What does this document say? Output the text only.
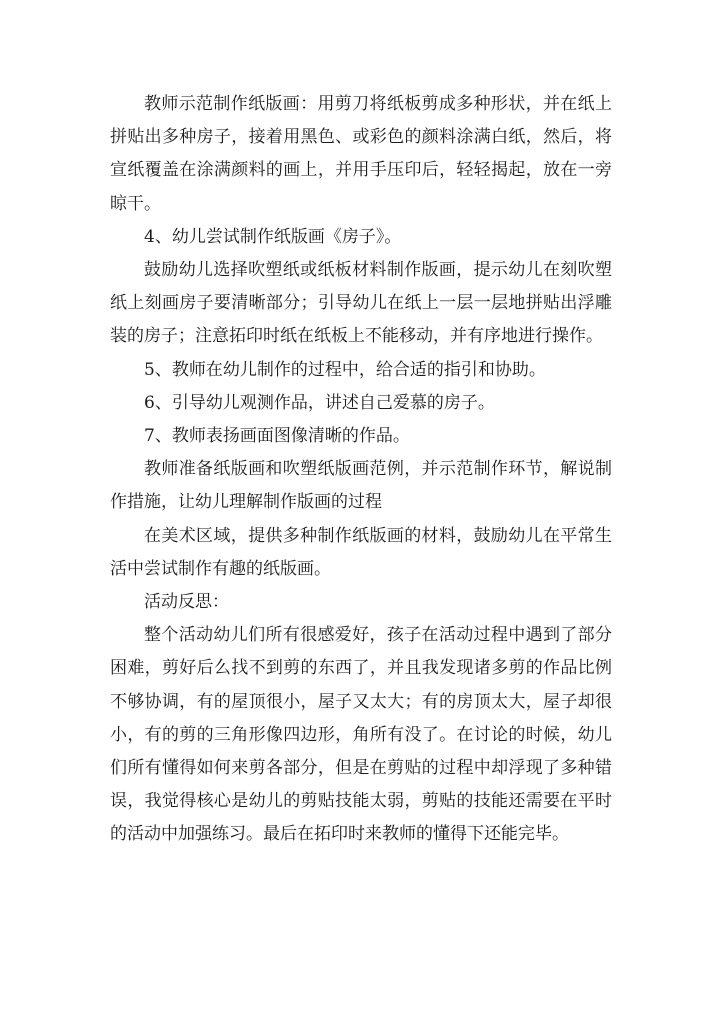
教师示范制作纸版画：用剪刀将纸板剪成多种形状，并在纸上拼贴出多种房子，接着用黑色、或彩色的颜料涂满白纸，然后，将宣纸覆盖在涂满颜料的画上，并用手压印后，轻轻揭起，放在一旁晾干。

4、幼儿尝试制作纸版画《房子》。

鼓励幼儿选择吹塑纸或纸板材料制作版画，提示幼儿在刻吹塑纸上刻画房子要清晰部分；引导幼儿在纸上一层一层地拼贴出浮雕装的房子；注意拓印时纸在纸板上不能移动，并有序地进行操作。

5、教师在幼儿制作的过程中，给合适的指引和协助。

6、引导幼儿观测作品，讲述自己爱慕的房子。

7、教师表扬画面图像清晰的作品。

教师准备纸版画和吹塑纸版画范例，并示范制作环节，解说制作措施，让幼儿理解制作版画的过程

在美术区域，提供多种制作纸版画的材料，鼓励幼儿在平常生活中尝试制作有趣的纸版画。

活动反思：

整个活动幼儿们所有很感爱好，孩子在活动过程中遇到了部分困难，剪好后么找不到剪的东西了，并且我发现诸多剪的作品比例不够协调，有的屋顶很小，屋子又太大；有的房顶太大，屋子却很小，有的剪的三角形像四边形，角所有没了。在讨论的时候，幼儿们所有懂得如何来剪各部分，但是在剪贴的过程中却浮现了多种错误，我觉得核心是幼儿的剪贴技能太弱，剪贴的技能还需要在平时的活动中加强练习。最后在拓印时来教师的懂得下还能完毕。
